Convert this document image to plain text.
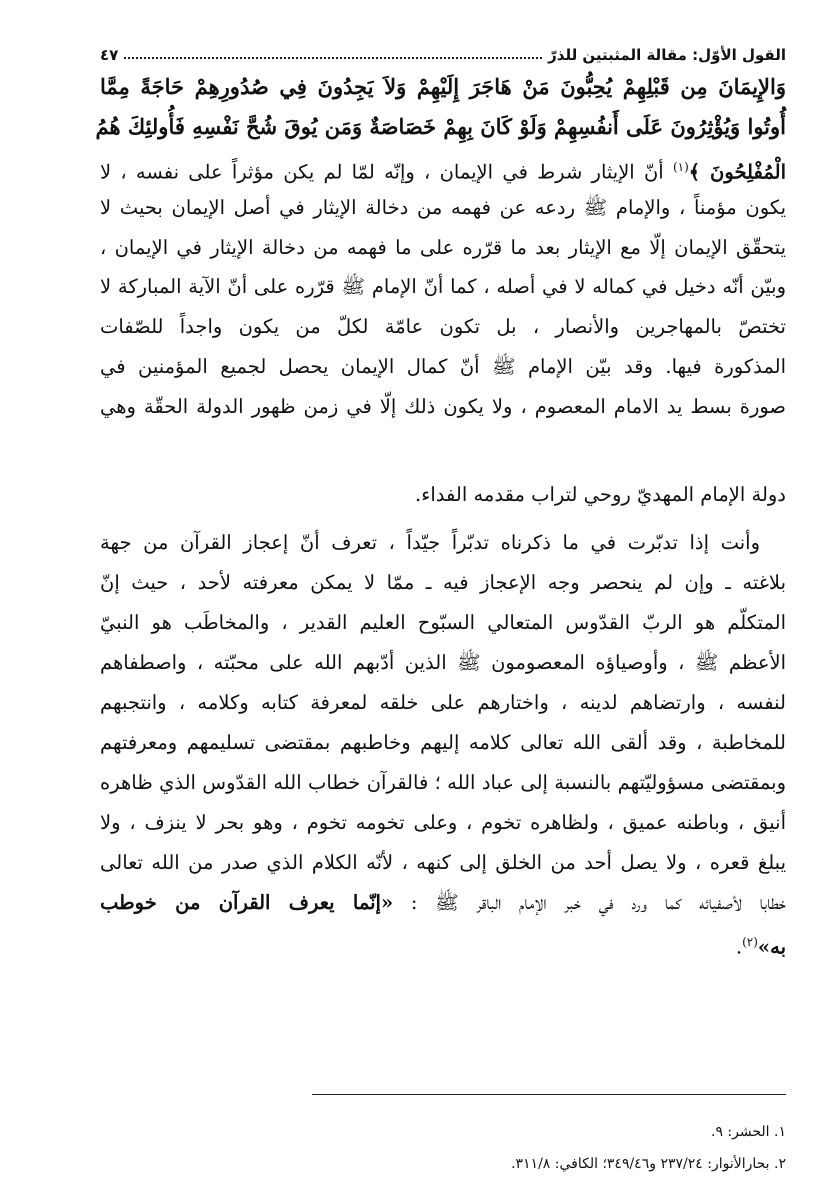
القول الأوّل: مقالة المثبتين للذرّ
٤٧
وَالإِيمَانَ مِن قَبْلِهِمْ يُحِبُّونَ مَنْ هَاجَرَ إِلَيْهِمْ وَلاَ يَجِدُونَ فِي صُدُورِهِمْ حَاجَةً مِمَّا
أُوتُوا وَيُؤْثِرُونَ عَلَى أَنفُسِهِمْ وَلَوْ كَانَ بِهِمْ خَصَاصَةٌ وَمَن يُوقَ شُحَّ نَفْسِهِ فَأُولئِكَ هُمُ
الْمُفْلِحُونَ ﴾$^{(١)}$ أنّ الإيثار شرط في الإيمان ، وإنّه لمّا لم يكن مؤثراً على نفسه ، لا
يكون مؤمناً ، والإمام ﷺ ردعه عن فهمه من دخالة الإيثار في أصل الإيمان بحيث لا
يتحقّق الإيمان إلّا مع الإيثار بعد ما قرّره على ما فهمه من دخالة الإيثار في الإيمان ،
وبيّن أنّه دخيل في كماله لا في أصله ، كما أنّ الإمام ﷺ قرّره على أنّ الآية المباركة لا
تختصّ بالمهاجرين والأنصار ، بل تكون عامّة لكلّ من يكون واجداً للصّفات
المذكورة فيها. وقد بيّن الإمام ﷺ أنّ كمال الإيمان يحصل لجميع المؤمنين في
صورة بسط يد الامام المعصوم ، ولا يكون ذلك إلّا في زمن ظهور الدولة الحقّة وهي
دولة الإمام المهديّ روحي لتراب مقدمه الفداء.
وأنت إذا تدبّرت في ما ذكرناه تدبّراً جيّداً ، تعرف أنّ إعجاز القرآن من جهة
بلاغته ـ وإن لم ينحصر وجه الإعجاز فيه ـ ممّا لا يمكن معرفته لأحد ، حيث إنّ
المتكلّم هو الربّ القدّوس المتعالي السبّوح العليم القدير ، والمخاطَب هو النبيّ
الأعظم ﷺ ، وأوصياؤه المعصومون ﷺ الذين أدّبهم الله على محبّته ، واصطفاهم
لنفسه ، وارتضاهم لدينه ، واختارهم على خلقه لمعرفة كتابه وكلامه ، وانتجبهم
للمخاطبة ، وقد ألقى الله تعالى كلامه إليهم وخاطبهم بمقتضى تسليمهم ومعرفتهم
وبمقتضى مسؤوليّتهم بالنسبة إلى عباد الله ؛ فالقرآن خطاب الله القدّوس الذي ظاهره
أنيق ، وباطنه عميق ، ولظاهره تخوم ، وعلى تخومه تخوم ، وهو بحر لا ينزف ، ولا
يبلغ قعره ، ولا يصل أحد من الخلق إلى كنهه ، لأنّه الكلام الذي صدر من الله تعالى
خطابا لأصفيائه كما ورد في خبر الإمام الباقر ﷺ : «إنّما يعرف القرآن من خوطب
به»$^{(٢)}$.
١. الحشر: ٩.
٢. بحارالأنوار: ٢٣٧/٢٤ و٣٤٩/٤٦؛ الكافي: ٣١١/٨.
